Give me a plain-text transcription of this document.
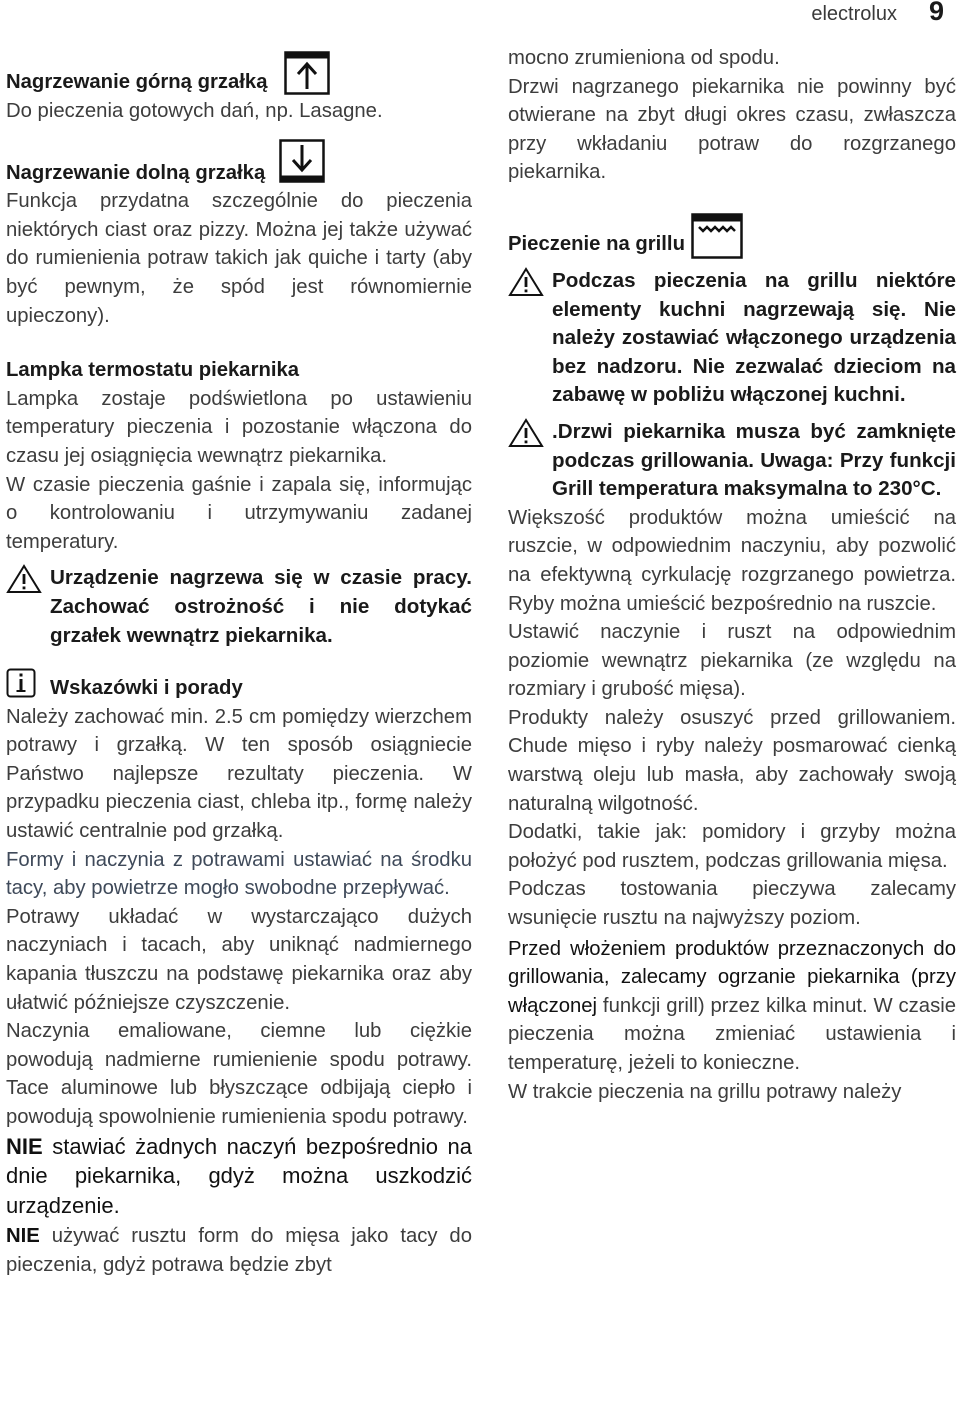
electrolux 9
Nagrzewanie górną grzałką

Do pieczenia gotowych dań, np. Lasagne.

Nagrzewanie dolną grzałką

Funkcja przydatna szczególnie do pieczenia niektórych ciast oraz pizzy. Można jej także używać do rumienienia potraw takich jak quiche i tarty (aby być pewnym, że spód jest równomiernie upieczony).

Lampka termostatu piekarnika

Lampka zostaje podświetlona po ustawieniu temperatury pieczenia i pozostanie włączona do czasu jej osiągnięcia wewnątrz piekarnika.

W czasie pieczenia gaśnie i zapala się, informując o kontrolowaniu i utrzymywaniu zadanej temperatury.

Urządzenie nagrzewa się w czasie pracy. Zachować ostrożność i nie dotykać grzałek wewnątrz piekarnika.

Wskazówki i porady

Należy zachować min. 2.5 cm pomiędzy wierzchem potrawy i grzałką. W ten sposób osiągniecie Państwo najlepsze rezultaty pieczenia. W przypadku pieczenia ciast, chleba itp., formę należy ustawić centralnie pod grzałką.

Formy i naczynia z potrawami ustawiać na środku tacy, aby powietrze mogło swobodne przepływać.

Potrawy układać w wystarczająco dużych naczyniach i tacach, aby uniknąć nadmiernego kapania tłuszczu na podstawę piekarnika oraz aby ułatwić późniejsze czyszczenie.

Naczynia emaliowane, ciemne lub ciężkie powodują nadmierne rumienienie spodu potrawy. Tace aluminowe lub błyszczące odbijają ciepło i powodują spowolnienie rumienienia spodu potrawy.

NIE stawiać żadnych naczyń bezpośrednio na dnie piekarnika, gdyż można uszkodzić urządzenie.

NIE używać rusztu form do mięsa jako tacy do pieczenia, gdyż potrawa będzie zbyt

mocno zrumieniona od spodu.

Drzwi nagrzanego piekarnika nie powinny być otwierane na zbyt długi okres czasu, zwłaszcza przy wkładaniu potraw do rozgrzanego piekarnika.

Pieczenie na grillu

Podczas pieczenia na grillu niektóre elementy kuchni nagrzewają się. Nie należy zostawiać włączonego urządzenia bez nadzoru. Nie zezwalać dzieciom na zabawę w pobliżu włączonej kuchni.

.Drzwi piekarnika musza być zamknięte podczas grillowania. Uwaga: Przy funkcji Grill temperatura maksymalna to 230°C.

Większość produktów można umieścić na ruszcie, w odpowiednim naczyniu, aby pozwolić na efektywną cyrkulację rozgrzanego powietrza. Ryby można umieścić bezpośrednio na ruszcie.

Ustawić naczynie i ruszt na odpowiednim poziomie wewnątrz piekarnika (ze względu na rozmiary i grubość mięsa).

Produkty należy osuszyć przed grillowaniem. Chude mięso i ryby należy posmarować cienką warstwą oleju lub masła, aby zachowały swoją naturalną wilgotność.

Dodatki, takie jak: pomidory i grzyby można położyć pod rusztem, podczas grillowania mięsa.

Podczas tostowania pieczywa zalecamy wsunięcie rusztu na najwyższy poziom.

Przed włożeniem produktów przeznaczonych do grillowania, zalecamy ogrzanie piekarnika (przy włączonej funkcji grill) przez kilka minut. W czasie pieczenia można zmieniać ustawienia i temperaturę, jeżeli to konieczne.

W trakcie pieczenia na grillu potrawy należy
